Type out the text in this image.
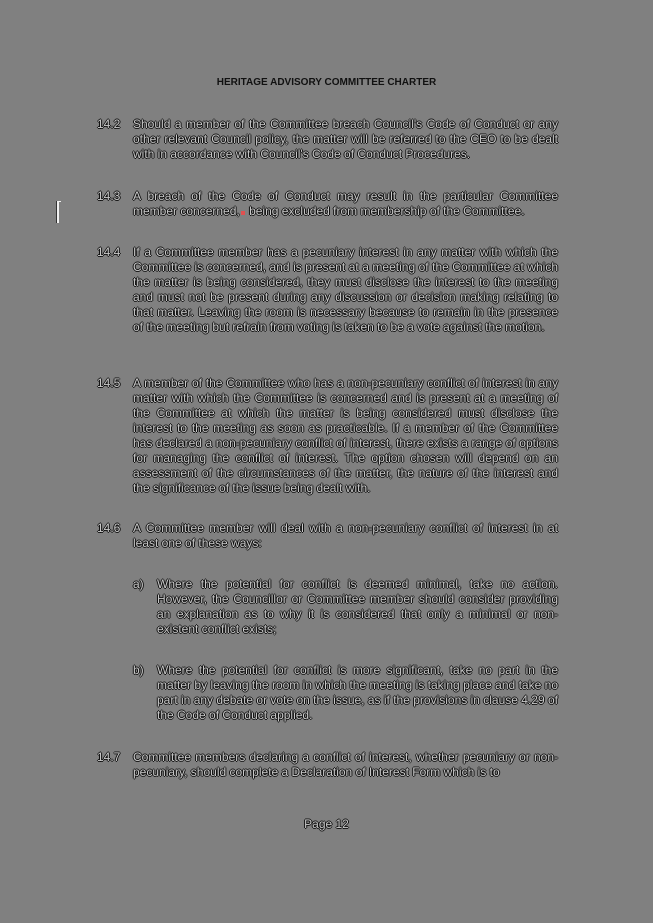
HERITAGE ADVISORY COMMITTEE CHARTER
14.2 Should a member of the Committee breach Council's Code of Conduct or any other relevant Council policy, the matter will be referred to the CEO to be dealt with in accordance with Council's Code of Conduct Procedures.
14.3 A breach of the Code of Conduct may result in the particular Committee member concerned, being excluded from membership of the Committee.
14.4 If a Committee member has a pecuniary interest in any matter with which the Committee is concerned, and is present at a meeting of the Committee at which the matter is being considered, they must disclose the interest to the meeting and must not be present during any discussion or decision making relating to that matter. Leaving the room is necessary because to remain in the presence of the meeting but refrain from voting is taken to be a vote against the motion.
14.5 A member of the Committee who has a non-pecuniary conflict of interest in any matter with which the Committee is concerned and is present at a meeting of the Committee at which the matter is being considered must disclose the interest to the meeting as soon as practicable. If a member of the Committee has declared a non-pecuniary conflict of interest, there exists a range of options for managing the conflict of interest. The option chosen will depend on an assessment of the circumstances of the matter, the nature of the interest and the significance of the issue being dealt with.
14.6 A Committee member will deal with a non-pecuniary conflict of interest in at least one of these ways:
a) Where the potential for conflict is deemed minimal, take no action. However, the Councillor or Committee member should consider providing an explanation as to why it is considered that only a minimal or non-existent conflict exists;
b) Where the potential for conflict is more significant, take no part in the matter by leaving the room in which the meeting is taking place and take no part in any debate or vote on the issue, as if the provisions in clause 4.29 of the Code of Conduct applied.
14.7 Committee members declaring a conflict of interest, whether pecuniary or non-pecuniary, should complete a Declaration of Interest Form which is to
Page 12
